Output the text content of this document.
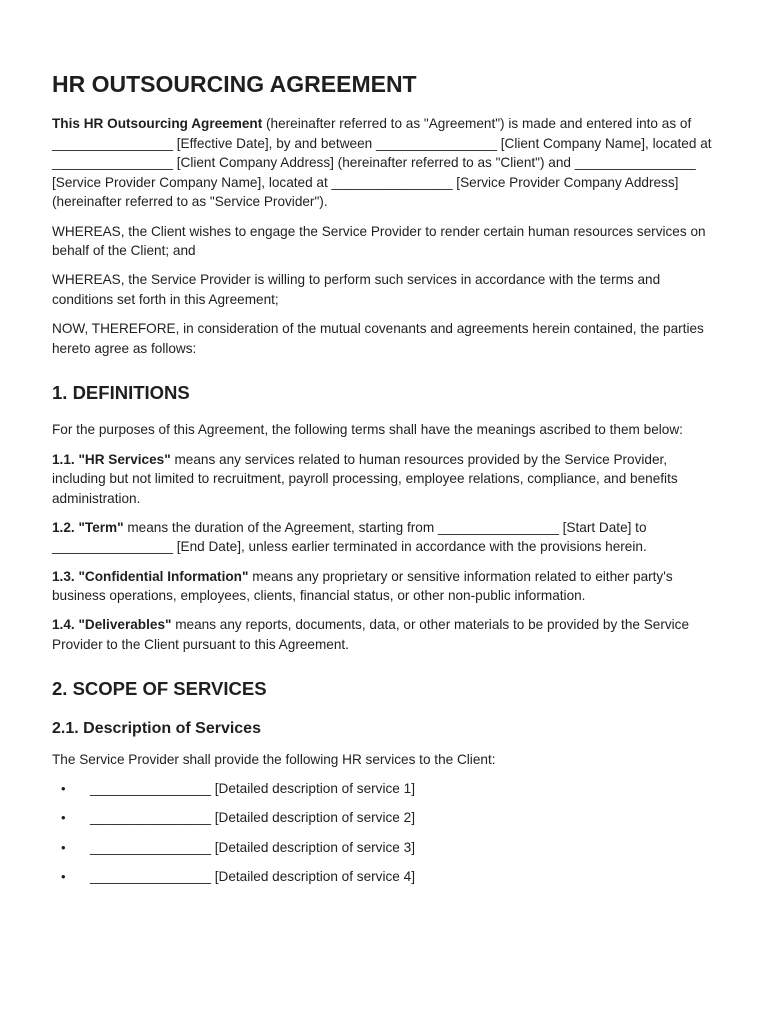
HR OUTSOURCING AGREEMENT

This HR Outsourcing Agreement (hereinafter referred to as "Agreement") is made and entered into as of ________________ [Effective Date], by and between ________________ [Client Company Name], located at ________________ [Client Company Address] (hereinafter referred to as "Client") and ________________ [Service Provider Company Name], located at ________________ [Service Provider Company Address] (hereinafter referred to as "Service Provider").

WHEREAS, the Client wishes to engage the Service Provider to render certain human resources services on behalf of the Client; and

WHEREAS, the Service Provider is willing to perform such services in accordance with the terms and conditions set forth in this Agreement;

NOW, THEREFORE, in consideration of the mutual covenants and agreements herein contained, the parties hereto agree as follows:

1. DEFINITIONS

For the purposes of this Agreement, the following terms shall have the meanings ascribed to them below:

1.1. "HR Services" means any services related to human resources provided by the Service Provider, including but not limited to recruitment, payroll processing, employee relations, compliance, and benefits administration.

1.2. "Term" means the duration of the Agreement, starting from ________________ [Start Date] to ________________ [End Date], unless earlier terminated in accordance with the provisions herein.

1.3. "Confidential Information" means any proprietary or sensitive information related to either party's business operations, employees, clients, financial status, or other non-public information.

1.4. "Deliverables" means any reports, documents, data, or other materials to be provided by the Service Provider to the Client pursuant to this Agreement.

2. SCOPE OF SERVICES
2.1. Description of Services

The Service Provider shall provide the following HR services to the Client:

• ________________ [Detailed description of service 1]
• ________________ [Detailed description of service 2]
• ________________ [Detailed description of service 3]
• ________________ [Detailed description of service 4]
